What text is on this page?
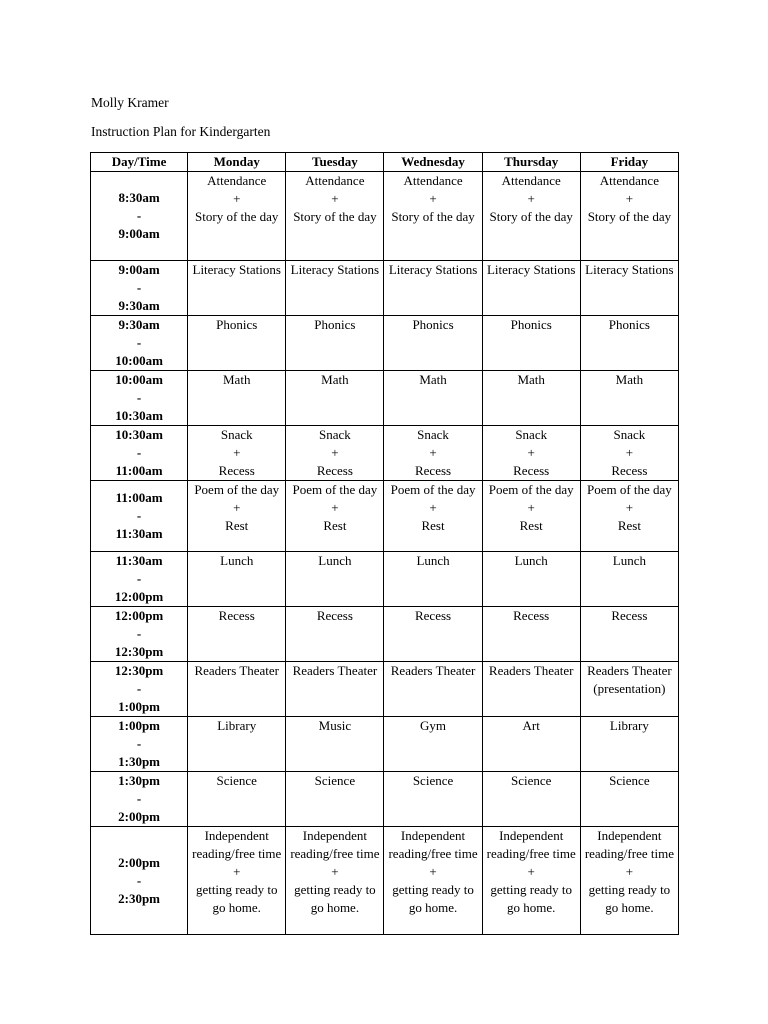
Molly Kramer
Instruction Plan for Kindergarten
Day/Time	Monday	Tuesday	Wednesday	Thursday	Friday

8:30am
-
9:00am	Attendance
+
Story of the day	Attendance
+
Story of the day	Attendance
+
Story of the day	Attendance
+
Story of the day	Attendance
+
Story of the day

9:00am
-
9:30am	Literacy Stations	Literacy Stations	Literacy Stations	Literacy Stations	Literacy Stations

9:30am
-
10:00am	Phonics	Phonics	Phonics	Phonics	Phonics

10:00am
-
10:30am	Math	Math	Math	Math	Math

10:30am
-
11:00am	Snack
+
Recess	Snack
+
Recess	Snack
+
Recess	Snack
+
Recess	Snack
+
Recess

11:00am
-
11:30am	Poem of the day
+
Rest	Poem of the day
+
Rest	Poem of the day
+
Rest	Poem of the day
+
Rest	Poem of the day
+
Rest

11:30am
-
12:00pm	Lunch	Lunch	Lunch	Lunch	Lunch

12:00pm
-
12:30pm	Recess	Recess	Recess	Recess	Recess

12:30pm
-
1:00pm	Readers Theater	Readers Theater	Readers Theater	Readers Theater	Readers Theater (presentation)

1:00pm
-
1:30pm	Library	Music	Gym	Art	Library

1:30pm
-
2:00pm	Science	Science	Science	Science	Science

2:00pm
-
2:30pm	Independent reading/free time
+
getting ready to go home.	Independent reading/free time
+
getting ready to go home.	Independent reading/free time
+
getting ready to go home.	Independent reading/free time
+
getting ready to go home.	Independent reading/free time
+
getting ready to go home.
